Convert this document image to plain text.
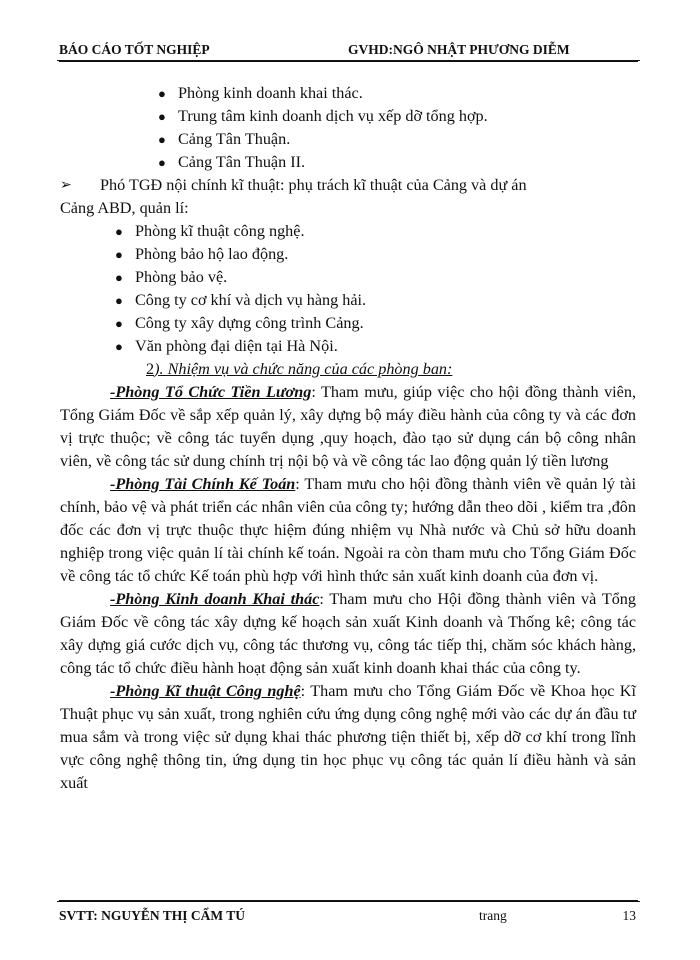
BÁO CÁO TỐT NGHIỆP	GVHD:NGÔ NHẬT PHƯƠNG DIỄM
● Phòng kinh doanh khai thác.
● Trung tâm kinh doanh dịch vụ xếp dỡ tổng hợp.
● Cảng Tân Thuận.
● Cảng Tân Thuận II.
➢	Phó TGĐ nội chính kĩ thuật: phụ trách kĩ thuật của Cảng và dự án
Cảng ABD, quản lí:
● Phòng kĩ thuật công nghệ.
● Phòng bảo hộ lao động.
● Phòng bảo vệ.
● Công ty cơ khí và dịch vụ hàng hải.
● Công ty xây dựng công trình Cảng.
● Văn phòng đại diện tại Hà Nội.
2). Nhiệm vụ và chức năng của các phòng ban:

-Phòng Tổ Chức Tiền Lương: Tham mưu, giúp việc cho hội đồng thành viên, Tổng Giám Đốc về sắp xếp quản lý, xây dựng bộ máy điều hành của công ty và các đơn vị trực thuộc; về công tác tuyển dụng ,quy hoạch, đào tạo sử dụng cán bộ công nhân viên, về công tác sử dung chính trị nội bộ và về công tác lao động quản lý tiền lương

-Phòng Tài Chính Kế Toán: Tham mưu cho hội đồng thành viên về quản lý tài chính, bảo vệ và phát triển các nhân viên của công ty; hướng dẫn theo dõi , kiểm tra ,đôn đốc các đơn vị trực thuộc thực hiệm đúng nhiệm vụ Nhà nước và Chủ sở hữu doanh nghiệp trong việc quản lí tài chính kế toán. Ngoài ra còn tham mưu cho Tổng Giám Đốc về công tác tổ chức Kế toán phù hợp với hình thức sản xuất kinh doanh của đơn vị.

-Phòng Kinh doanh Khai thác: Tham mưu cho Hội đồng thành viên và Tổng Giám Đốc về công tác xây dựng kế hoạch sản xuất Kinh doanh và Thống kê; công tác xây dựng giá cước dịch vụ, công tác thương vụ, công tác tiếp thị, chăm sóc khách hàng, công tác tổ chức điều hành hoạt động sản xuất kinh doanh khai thác của công ty.

-Phòng Kĩ thuật Công nghệ: Tham mưu cho Tổng Giám Đốc về Khoa học Kĩ Thuật phục vụ sản xuất, trong nghiên cứu ứng dụng công nghệ mới vào các dự án đầu tư mua sắm và trong việc sử dụng khai thác phương tiện thiết bị, xếp dỡ cơ khí trong lĩnh vực công nghệ thông tin, ứng dụng tin học phục vụ công tác quản lí điều hành và sản xuất

SVTT: NGUYỄN THỊ CẨM TÚ	trang	13
